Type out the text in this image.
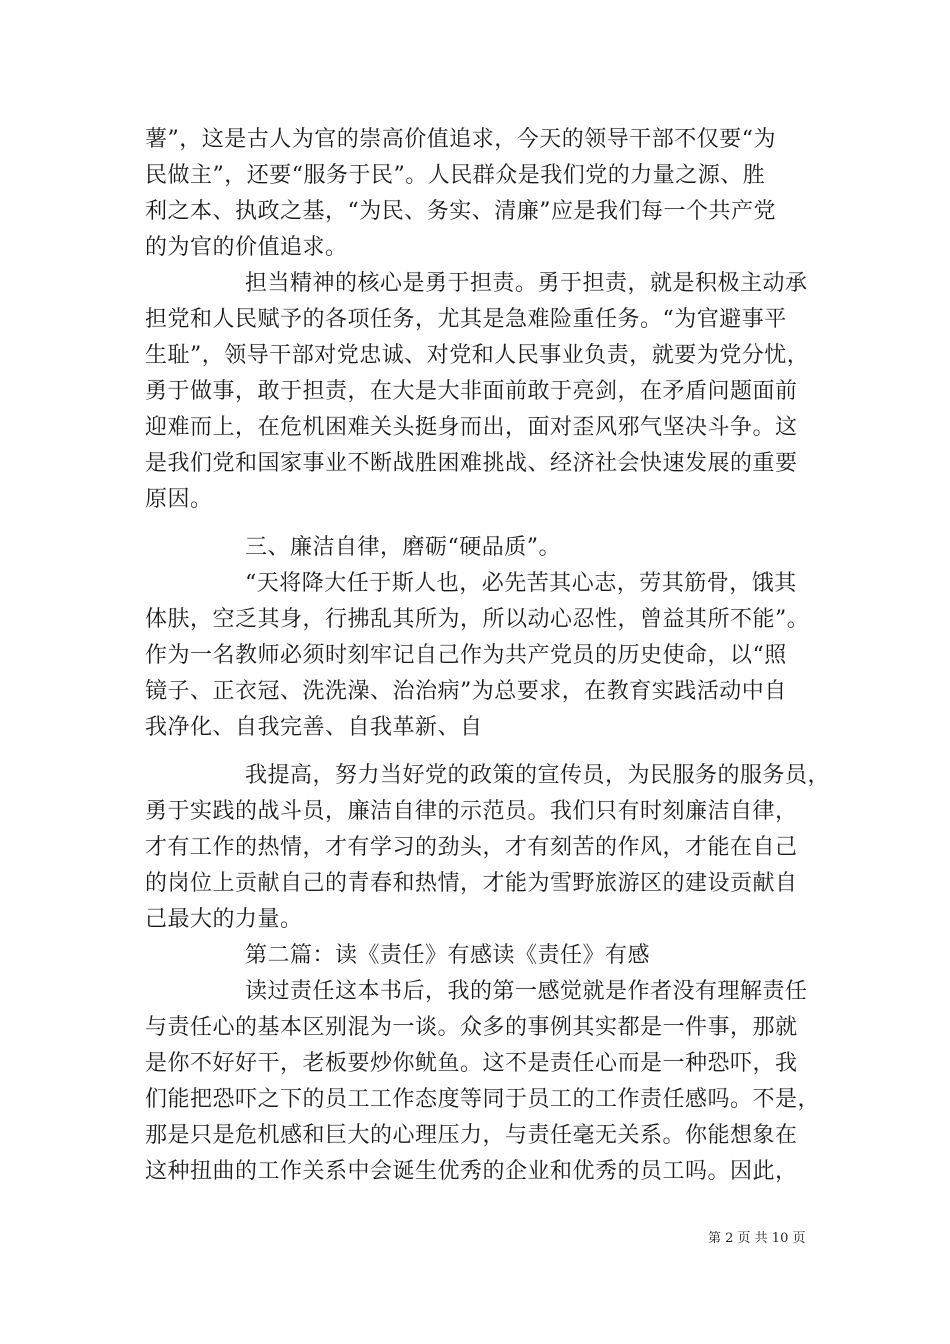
薯”，这是古人为官的崇高价值追求，今天的领导干部不仅要“为
民做主”，还要“服务于民”。人民群众是我们党的力量之源、胜
利之本、执政之基，“为民、务实、清廉”应是我们每一个共产党
的为官的价值追求。
担当精神的核心是勇于担责。勇于担责，就是积极主动承
担党和人民赋予的各项任务，尤其是急难险重任务。“为官避事平
生耻”，领导干部对党忠诚、对党和人民事业负责，就要为党分忧，
勇于做事，敢于担责，在大是大非面前敢于亮剑，在矛盾问题面前
迎难而上，在危机困难关头挺身而出，面对歪风邪气坚决斗争。这
是我们党和国家事业不断战胜困难挑战、经济社会快速发展的重要
原因。
三、廉洁自律，磨砺“硬品质”。
“天将降大任于斯人也，必先苦其心志，劳其筋骨，饿其
体肤，空乏其身，行拂乱其所为，所以动心忍性，曾益其所不能”。
作为一名教师必须时刻牢记自己作为共产党员的历史使命，以“照
镜子、正衣冠、洗洗澡、治治病”为总要求，在教育实践活动中自
我净化、自我完善、自我革新、自
我提高，努力当好党的政策的宣传员，为民服务的服务员，
勇于实践的战斗员，廉洁自律的示范员。我们只有时刻廉洁自律，
才有工作的热情，才有学习的劲头，才有刻苦的作风，才能在自己
的岗位上贡献自己的青春和热情，才能为雪野旅游区的建设贡献自
己最大的力量。
第二篇：读《责任》有感读《责任》有感
读过责任这本书后，我的第一感觉就是作者没有理解责任
与责任心的基本区别混为一谈。众多的事例其实都是一件事，那就
是你不好好干，老板要炒你鱿鱼。这不是责任心而是一种恐吓，我
们能把恐吓之下的员工工作态度等同于员工的工作责任感吗。不是，
那是只是危机感和巨大的心理压力，与责任毫无关系。你能想象在
这种扭曲的工作关系中会诞生优秀的企业和优秀的员工吗。因此，
第 2 页 共 10 页
